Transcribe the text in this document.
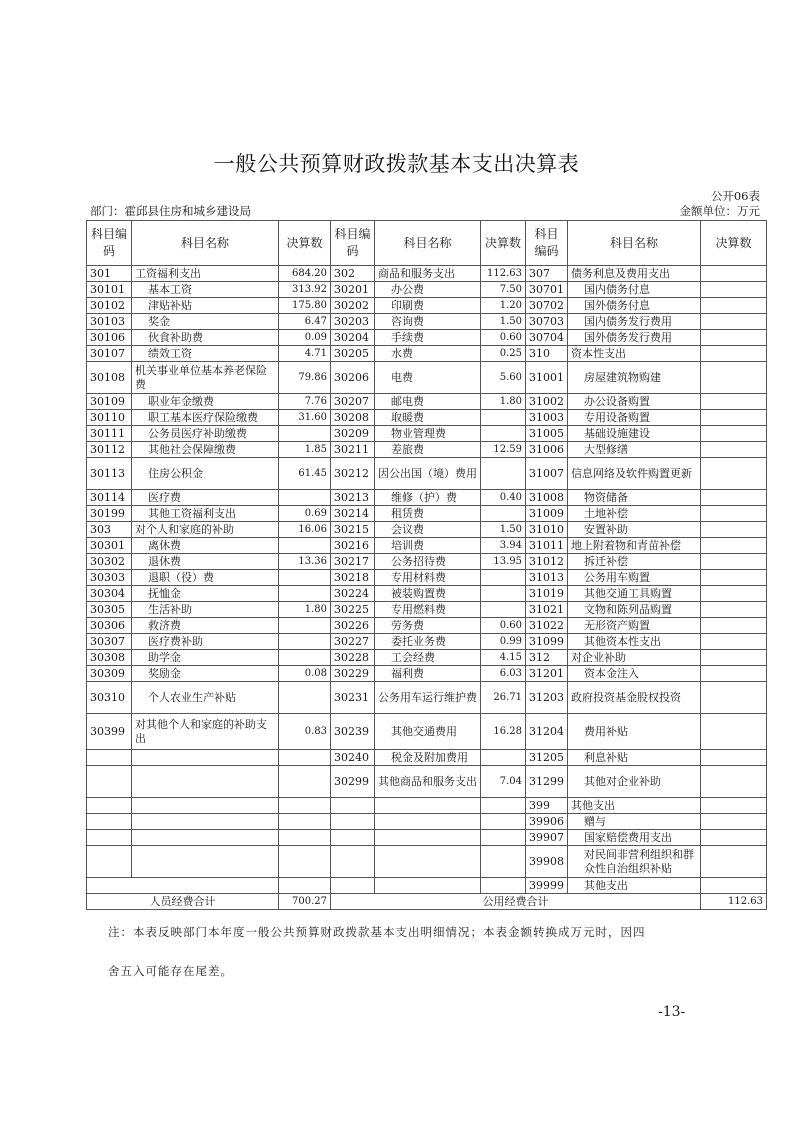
一般公共预算财政拨款基本支出决算表
公开06表
部门：霍邱县住房和城乡建设局	金额单位：万元
科目编码	科目名称	决算数	科目编码	科目名称	决算数	科目编码	科目名称	决算数
301	工资福利支出	684.20	302	商品和服务支出	112.63	307	债务利息及费用支出	
30101	基本工资	313.92	30201	办公费	7.50	30701	国内债务付息	
30102	津贴补贴	175.80	30202	印刷费	1.20	30702	国外债务付息	
30103	奖金	6.47	30203	咨询费	1.50	30703	国内债务发行费用	
30106	伙食补助费	0.09	30204	手续费	0.60	30704	国外债务发行费用	
30107	绩效工资	4.71	30205	水费	0.25	310	资本性支出	
30108	机关事业单位基本养老保险费	79.86	30206	电费	5.60	31001	房屋建筑物购建	
30109	职业年金缴费	7.76	30207	邮电费	1.80	31002	办公设备购置	
30110	职工基本医疗保险缴费	31.60	30208	取暖费		31003	专用设备购置	
30111	公务员医疗补助缴费		30209	物业管理费		31005	基础设施建设	
30112	其他社会保障缴费	1.85	30211	差旅费	12.59	31006	大型修缮	
30113	住房公积金	61.45	30212	因公出国（境）费用		31007	信息网络及软件购置更新	
30114	医疗费		30213	维修（护）费	0.40	31008	物资储备	
30199	其他工资福利支出	0.69	30214	租赁费		31009	土地补偿	
303	对个人和家庭的补助	16.06	30215	会议费	1.50	31010	安置补助	
30301	离休费		30216	培训费	3.94	31011	地上附着物和青苗补偿	
30302	退休费	13.36	30217	公务招待费	13.95	31012	拆迁补偿	
30303	退职（役）费		30218	专用材料费		31013	公务用车购置	
30304	抚恤金		30224	被装购置费		31019	其他交通工具购置	
30305	生活补助	1.80	30225	专用燃料费		31021	文物和陈列品购置	
30306	救济费		30226	劳务费	0.60	31022	无形资产购置	
30307	医疗费补助		30227	委托业务费	0.99	31099	其他资本性支出	
30308	助学金		30228	工会经费	4.15	312	对企业补助	
30309	奖励金	0.08	30229	福利费	6.03	31201	资本金注入	
30310	个人农业生产补贴		30231	公务用车运行维护费	26.71	31203	政府投资基金股权投资	
30399	对其他个人和家庭的补助支出	0.83	30239	其他交通费用	16.28	31204	费用补贴	
			30240	税金及附加费用		31205	利息补贴	
			30299	其他商品和服务支出	7.04	31299	其他对企业补助	
						399	其他支出	
						39906	赠与	
						39907	国家赔偿费用支出	
						39908	对民间非营利组织和群众性自治组织补贴	
						39999	其他支出	
人员经费合计		700.27	公用经费合计					112.63
注：本表反映部门本年度一般公共预算财政拨款基本支出明细情况；本表金额转换成万元时，因四
舍五入可能存在尾差。
-13-
